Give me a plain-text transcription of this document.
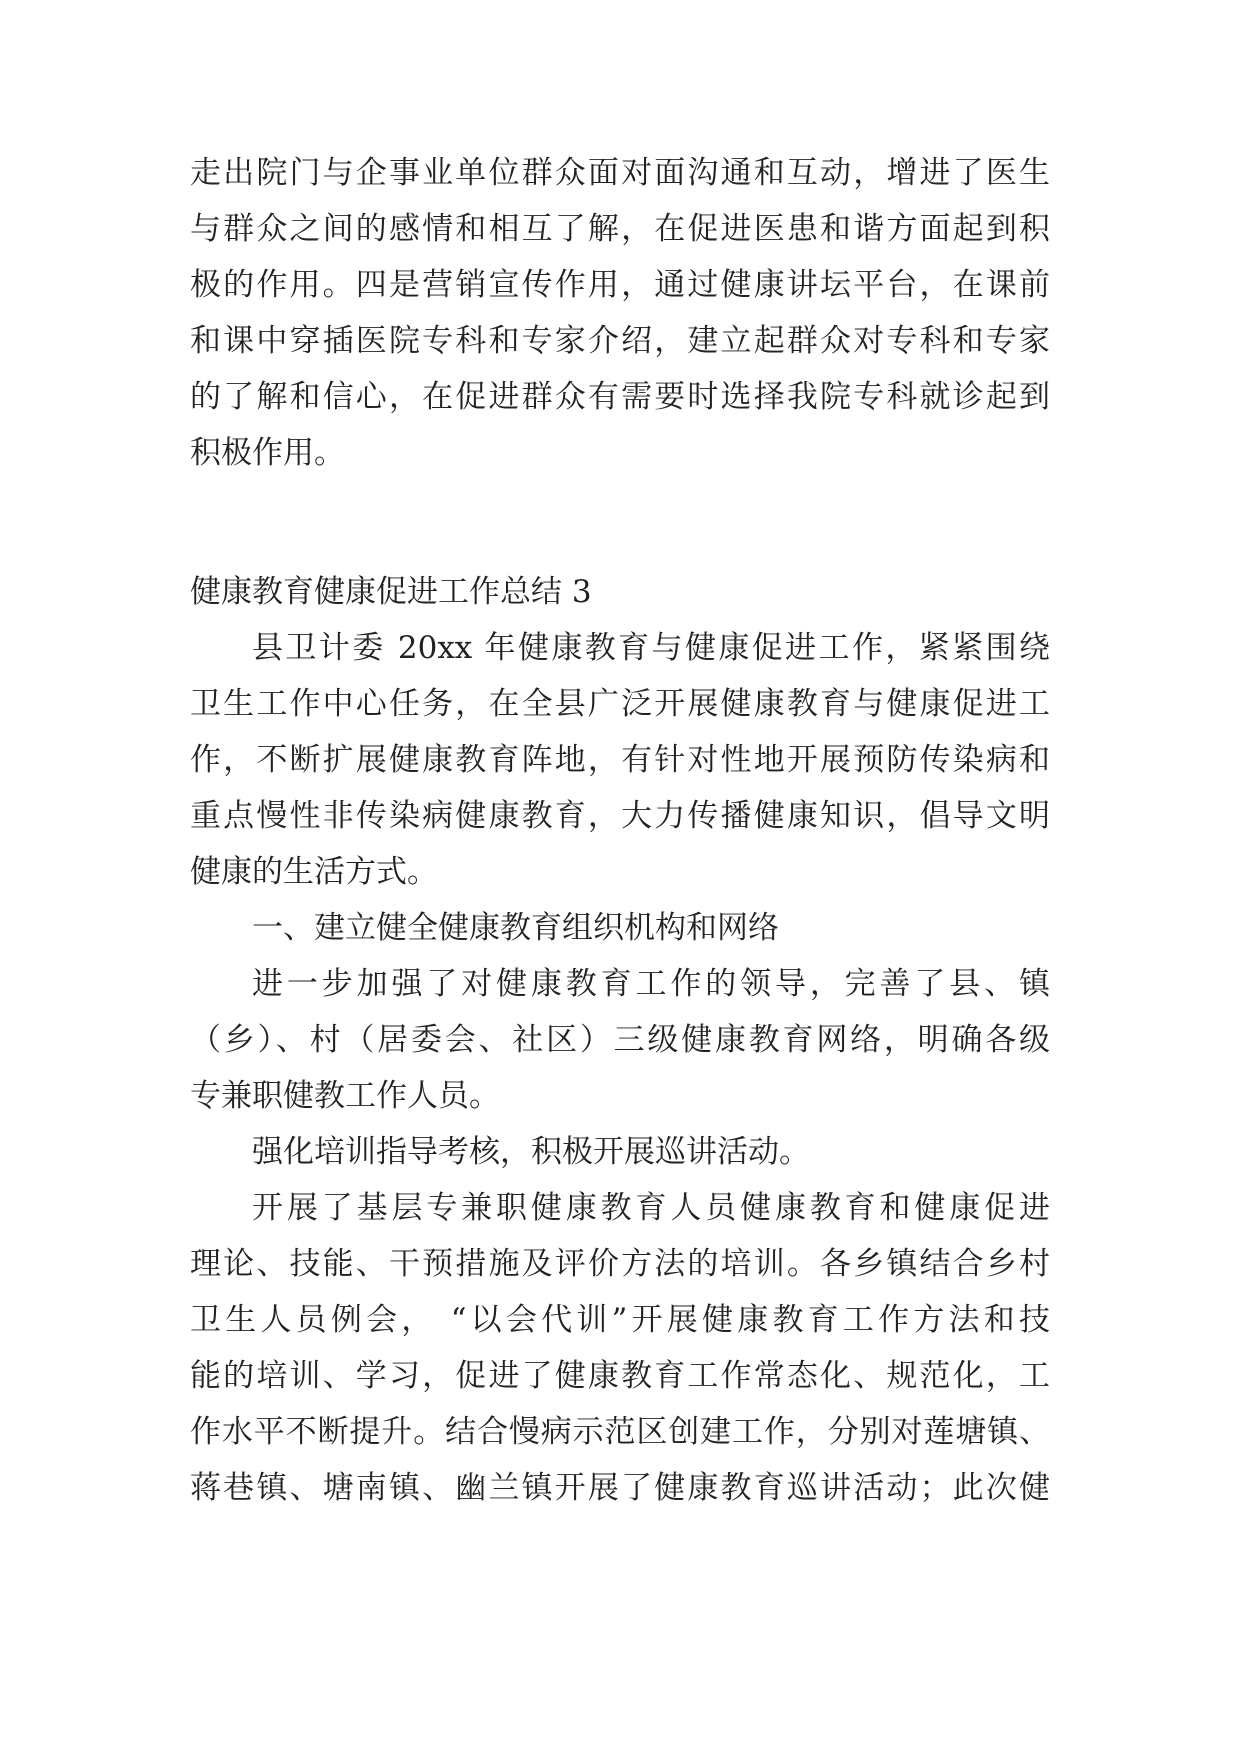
走出院门与企事业单位群众面对面沟通和互动，增进了医生
与群众之间的感情和相互了解，在促进医患和谐方面起到积
极的作用。四是营销宣传作用，通过健康讲坛平台，在课前
和课中穿插医院专科和专家介绍，建立起群众对专科和专家
的了解和信心，在促进群众有需要时选择我院专科就诊起到
积极作用。
健康教育健康促进工作总结 3
县卫计委 20xx 年健康教育与健康促进工作，紧紧围绕
卫生工作中心任务，在全县广泛开展健康教育与健康促进工
作，不断扩展健康教育阵地，有针对性地开展预防传染病和
重点慢性非传染病健康教育，大力传播健康知识，倡导文明
健康的生活方式。
一、建立健全健康教育组织机构和网络
进一步加强了对健康教育工作的领导，完善了县、镇
（乡）、村（居委会、社区）三级健康教育网络，明确各级
专兼职健教工作人员。
强化培训指导考核，积极开展巡讲活动。
开展了基层专兼职健康教育人员健康教育和健康促进
理论、技能、干预措施及评价方法的培训。各乡镇结合乡村
卫生人员例会， “以会代训”开展健康教育工作方法和技
能的培训、学习，促进了健康教育工作常态化、规范化，工
作水平不断提升。结合慢病示范区创建工作，分别对莲塘镇、
蒋巷镇、塘南镇、幽兰镇开展了健康教育巡讲活动；此次健
